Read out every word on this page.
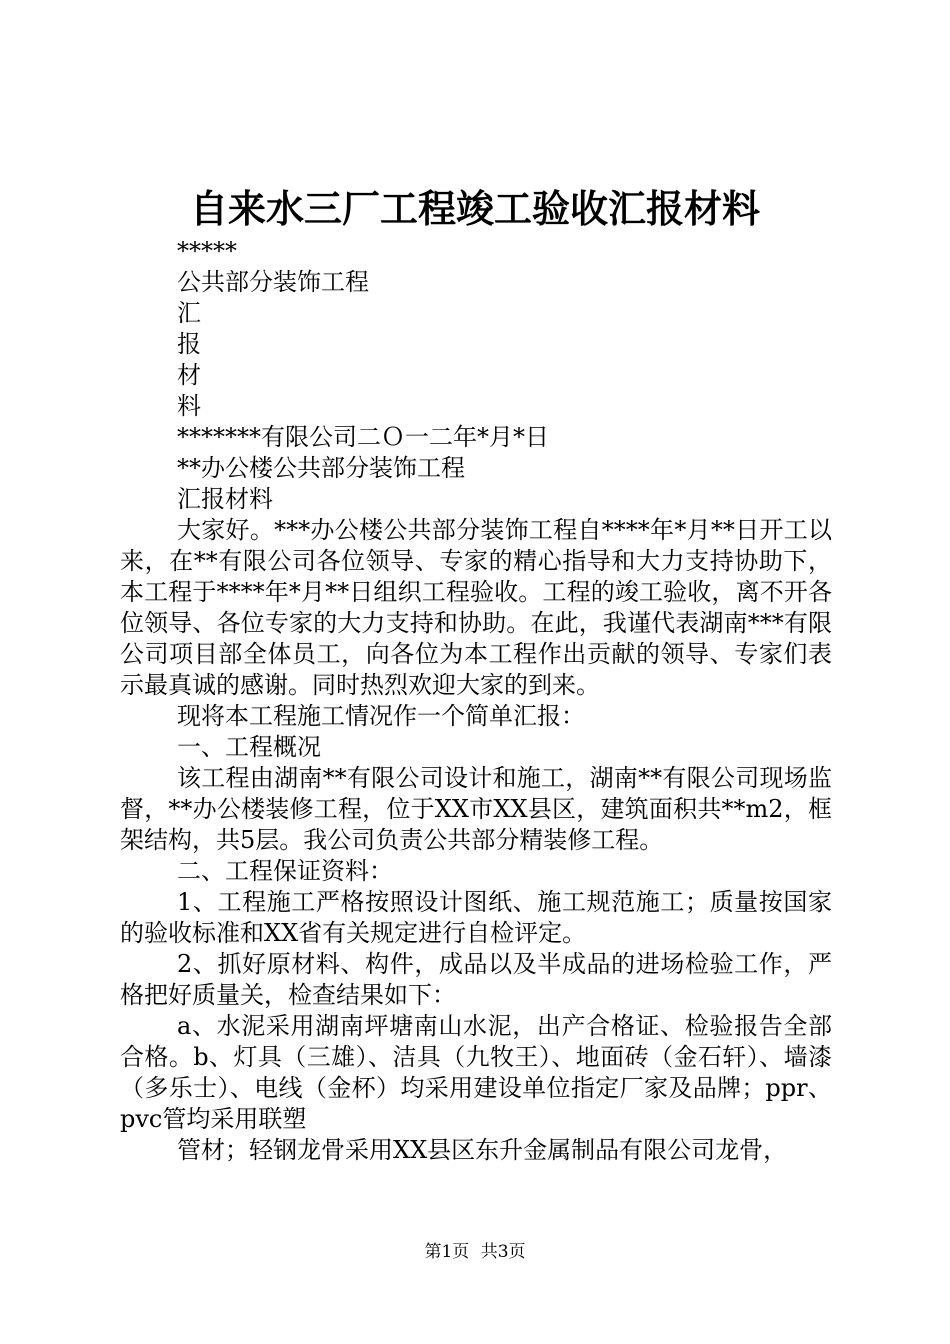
自来水三厂工程竣工验收汇报材料
*****
公共部分装饰工程
汇
报
材
料
*******有限公司二Ｏ一二年*月*日
**办公楼公共部分装饰工程
汇报材料

大家好。***办公楼公共部分装饰工程自****年*月**日开工以来，在**有限公司各位领导、专家的精心指导和大力支持协助下，本工程于****年*月**日组织工程验收。工程的竣工验收，离不开各位领导、各位专家的大力支持和协助。在此，我谨代表湖南***有限公司项目部全体员工，向各位为本工程作出贡献的领导、专家们表示最真诚的感谢。同时热烈欢迎大家的到来。

现将本工程施工情况作一个简单汇报：

一、工程概况

该工程由湖南**有限公司设计和施工，湖南**有限公司现场监督，**办公楼装修工程，位于XX市XX县区，建筑面积共**m2，框架结构，共5层。我公司负责公共部分精装修工程。

二、工程保证资料：

1、工程施工严格按照设计图纸、施工规范施工；质量按国家的验收标准和XX省有关规定进行自检评定。

2、抓好原材料、构件，成品以及半成品的进场检验工作，严格把好质量关，检查结果如下：

a、水泥采用湖南坪塘南山水泥，出产合格证、检验报告全部合格。b、灯具（三雄）、洁具（九牧王）、地面砖（金石轩）、墙漆（多乐士）、电线（金杯）均采用建设单位指定厂家及品牌；ppr、pvc管均采用联塑

管材；轻钢龙骨采用XX县区东升金属制品有限公司龙骨，

第1页 共3页
